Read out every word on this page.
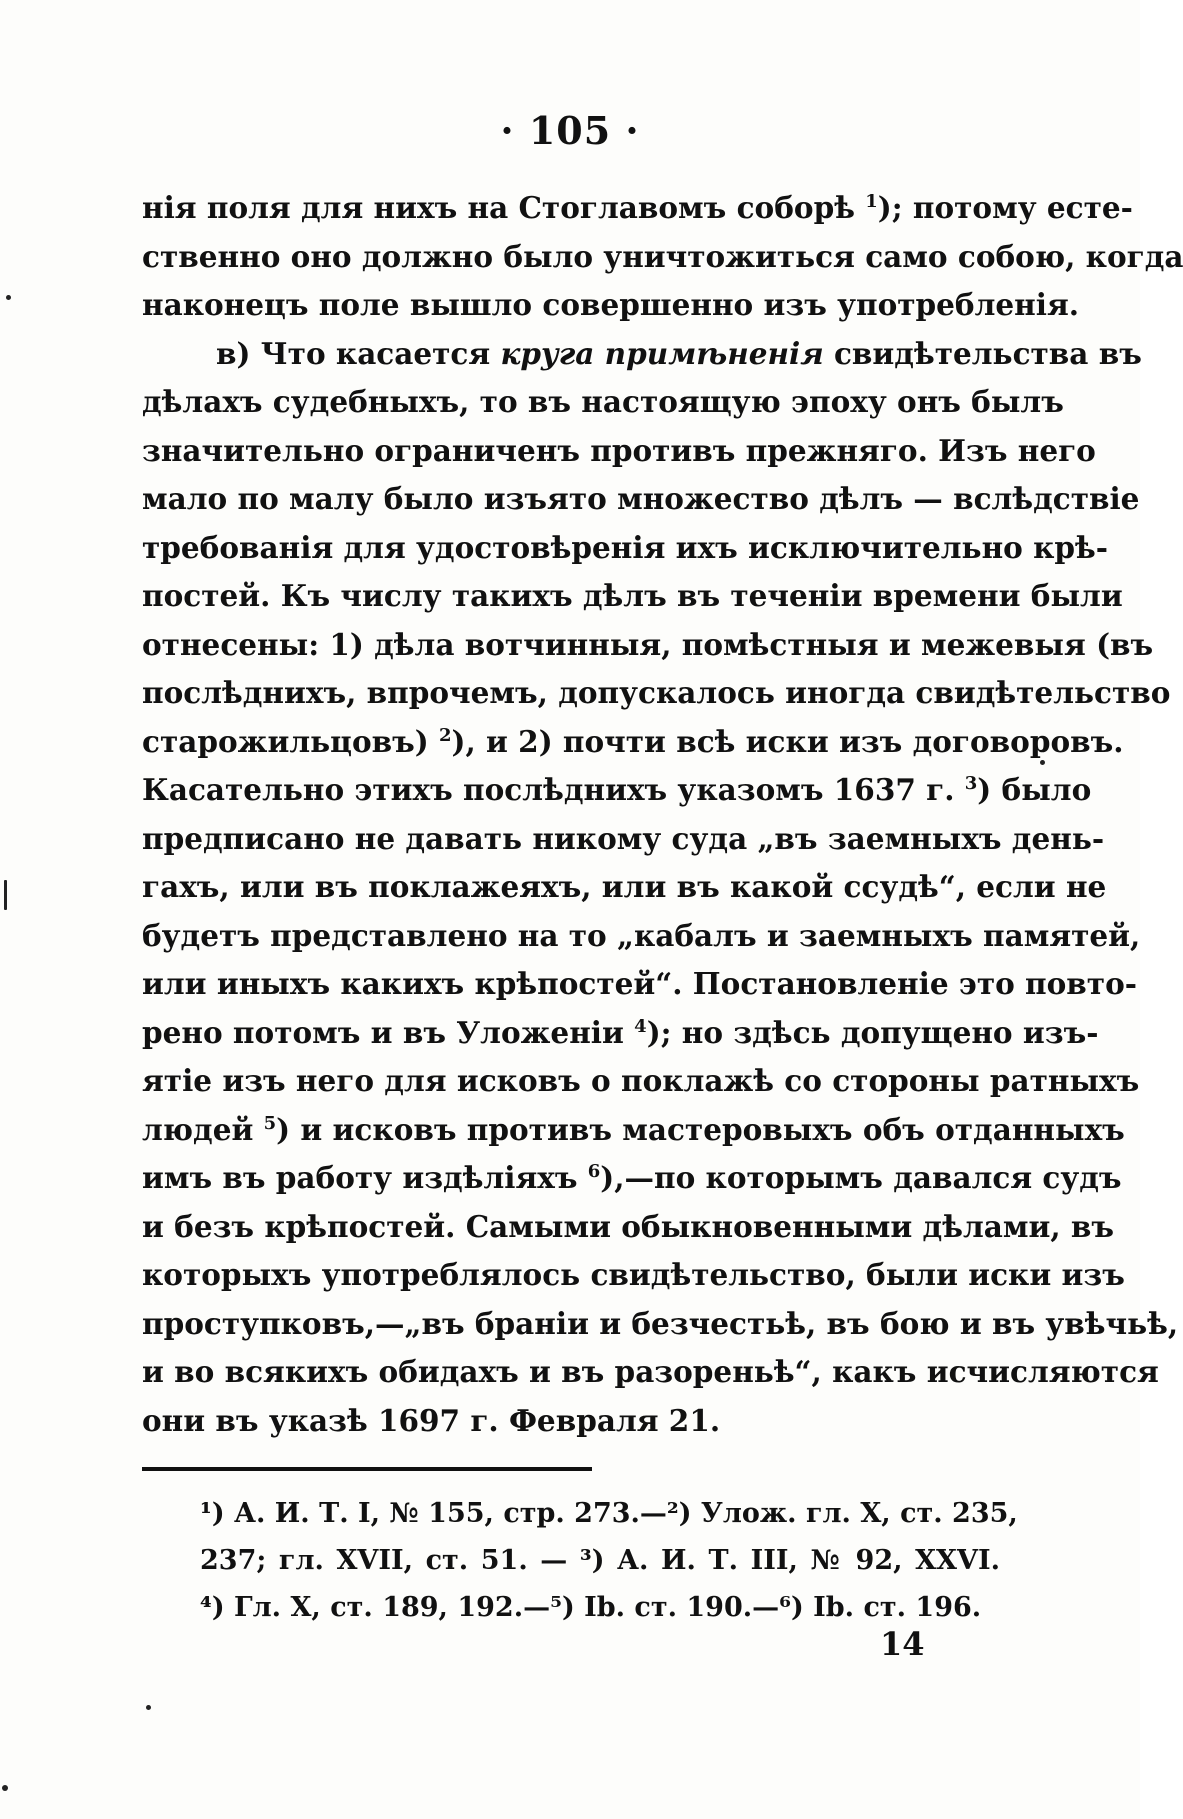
· 105 ·
нія поля для нихъ на Стоглавомъ соборѣ $^1$); потому есте-
ственно оно должно было уничтожиться само собою, когда
наконецъ поле вышло совершенно изъ употребленія.
в) Что касается круга примѣненія свидѣтельства въ
дѣлахъ судебныхъ, то въ настоящую эпоху онъ былъ
значительно ограниченъ противъ прежняго. Изъ него
мало по малу было изъято множество дѣлъ — вслѣдствіе
требованія для удостовѣренія ихъ исключительно крѣ-
постей. Къ числу такихъ дѣлъ въ теченіи времени были
отнесены: 1) дѣла вотчинныя, помѣстныя и межевыя (въ
послѣднихъ, впрочемъ, допускалось иногда свидѣтельство
старожильцовъ) $^2$), и 2) почти всѣ иски изъ договоровъ.
Касательно этихъ послѣднихъ указомъ 1637 г. $^3$) было
предписано не давать никому суда „въ заемныхъ день-
гахъ, или въ поклажеяхъ, или въ какой ссудѣ“, если не
будетъ представлено на то „кабалъ и заемныхъ памятей,
или иныхъ какихъ крѣпостей“. Постановленіе это повто-
рено потомъ и въ Уложеніи $^4$); но здѣсь допущено изъ-
ятіе изъ него для исковъ о поклажѣ со стороны ратныхъ
людей $^5$) и исковъ противъ мастеровыхъ объ отданныхъ
имъ въ работу издѣліяхъ $^6$),—по которымъ давался судъ
и безъ крѣпостей. Самыми обыкновенными дѣлами, въ
которыхъ употреблялось свидѣтельство, были иски изъ
проступковъ,—„въ браніи и безчестьѣ, въ бою и въ увѣчьѣ,
и во всякихъ обидахъ и въ разореньѣ“, какъ исчисляются
они въ указѣ 1697 г. Февраля 21.
¹) А. И. Т. I, № 155, стр. 273.—²) Улож. гл. X, ст. 235,
237; гл. XVII, ст. 51. — ³) А. И. Т. III, № 92, XXVI.
⁴) Гл. X, ст. 189, 192.—⁵) Ib. ст. 190.—⁶) Ib. ст. 196.
14
